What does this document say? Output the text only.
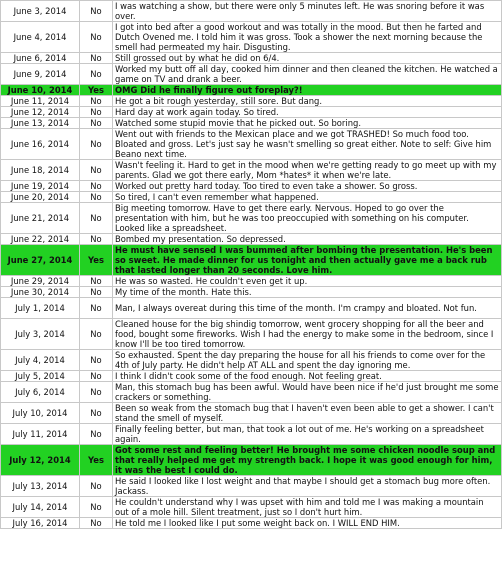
June 3, 2014	No	I was watching a show, but there were only 5 minutes left. He was snoring before it was over.
June 4, 2014	No	I got into bed after a good workout and was totally in the mood. But then he farted and Dutch Ovened me. I told him it was gross. Took a shower the next morning because the smell had permeated my hair. Disgusting.
June 6, 2014	No	Still grossed out by what he did on 6/4.
June 9, 2014	No	Worked my butt off all day, cooked him dinner and then cleaned the kitchen. He watched a game on TV and drank a beer.
June 10, 2014	Yes	OMG Did he finally figure out foreplay?!
June 11, 2014	No	He got a bit rough yesterday, still sore. But dang.
June 12, 2014	No	Hard day at work again today. So tired.
June 13, 2014	No	Watched some stupid movie that he picked out. So boring.
June 16, 2014	No	Went out with friends to the Mexican place and we got TRASHED! So much food too. Bloated and gross. Let's just say he wasn't smelling so great either. Note to self: Give him Beano next time.
June 18, 2014	No	Wasn't feeling it. Hard to get in the mood when we're getting ready to go meet up with my parents. Glad we got there early, Mom *hates* it when we're late.
June 19, 2014	No	Worked out pretty hard today. Too tired to even take a shower. So gross.
June 20, 2014	No	So tired, I can't even remember what happened.
June 21, 2014	No	Big meeting tomorrow. Have to get there early. Nervous. Hoped to go over the presentation with him, but he was too preoccupied with something on his computer. Looked like a spreadsheet.
June 22, 2014	No	Bombed my presentation. So depressed.
June 27, 2014	Yes	He must have sensed I was bummed after bombing the presentation. He's been so sweet. He made dinner for us tonight and then actually gave me a back rub that lasted longer than 20 seconds. Love him.
June 29, 2014	No	He was so wasted. He couldn't even get it up.
June 30, 2014	No	My time of the month. Hate this.
July 1, 2014	No	Man, I always overeat during this time of the month. I'm crampy and bloated. Not fun.
July 3, 2014	No	Cleaned house for the big shindig tomorrow, went grocery shopping for all the beer and food, bought some fireworks. Wish I had the energy to make some in the bedroom, since I know I'll be too tired tomorrow.
July 4, 2014	No	So exhausted. Spent the day preparing the house for all his friends to come over for the 4th of July party. He didn't help AT ALL and spent the day ignoring me.
July 5, 2014	No	I think I didn't cook some of the food enough. Not feeling great.
July 6, 2014	No	Man, this stomach bug has been awful. Would have been nice if he'd just brought me some crackers or something.
July 10, 2014	No	Been so weak from the stomach bug that I haven't even been able to get a shower. I can't stand the smell of myself.
July 11, 2014	No	Finally feeling better, but man, that took a lot out of me. He's working on a spreadsheet again.
July 12, 2014	Yes	Got some rest and feeling better! He brought me some chicken noodle soup and that really helped me get my strength back. I hope it was good enough for him, it was the best I could do.
July 13, 2014	No	He said I looked like I lost weight and that maybe I should get a stomach bug more often. Jackass.
July 14, 2014	No	He couldn't understand why I was upset with him and told me I was making a mountain out of a mole hill. Silent treatment, just so I don't hurt him.
July 16, 2014	No	He told me I looked like I put some weight back on. I WILL END HIM.
